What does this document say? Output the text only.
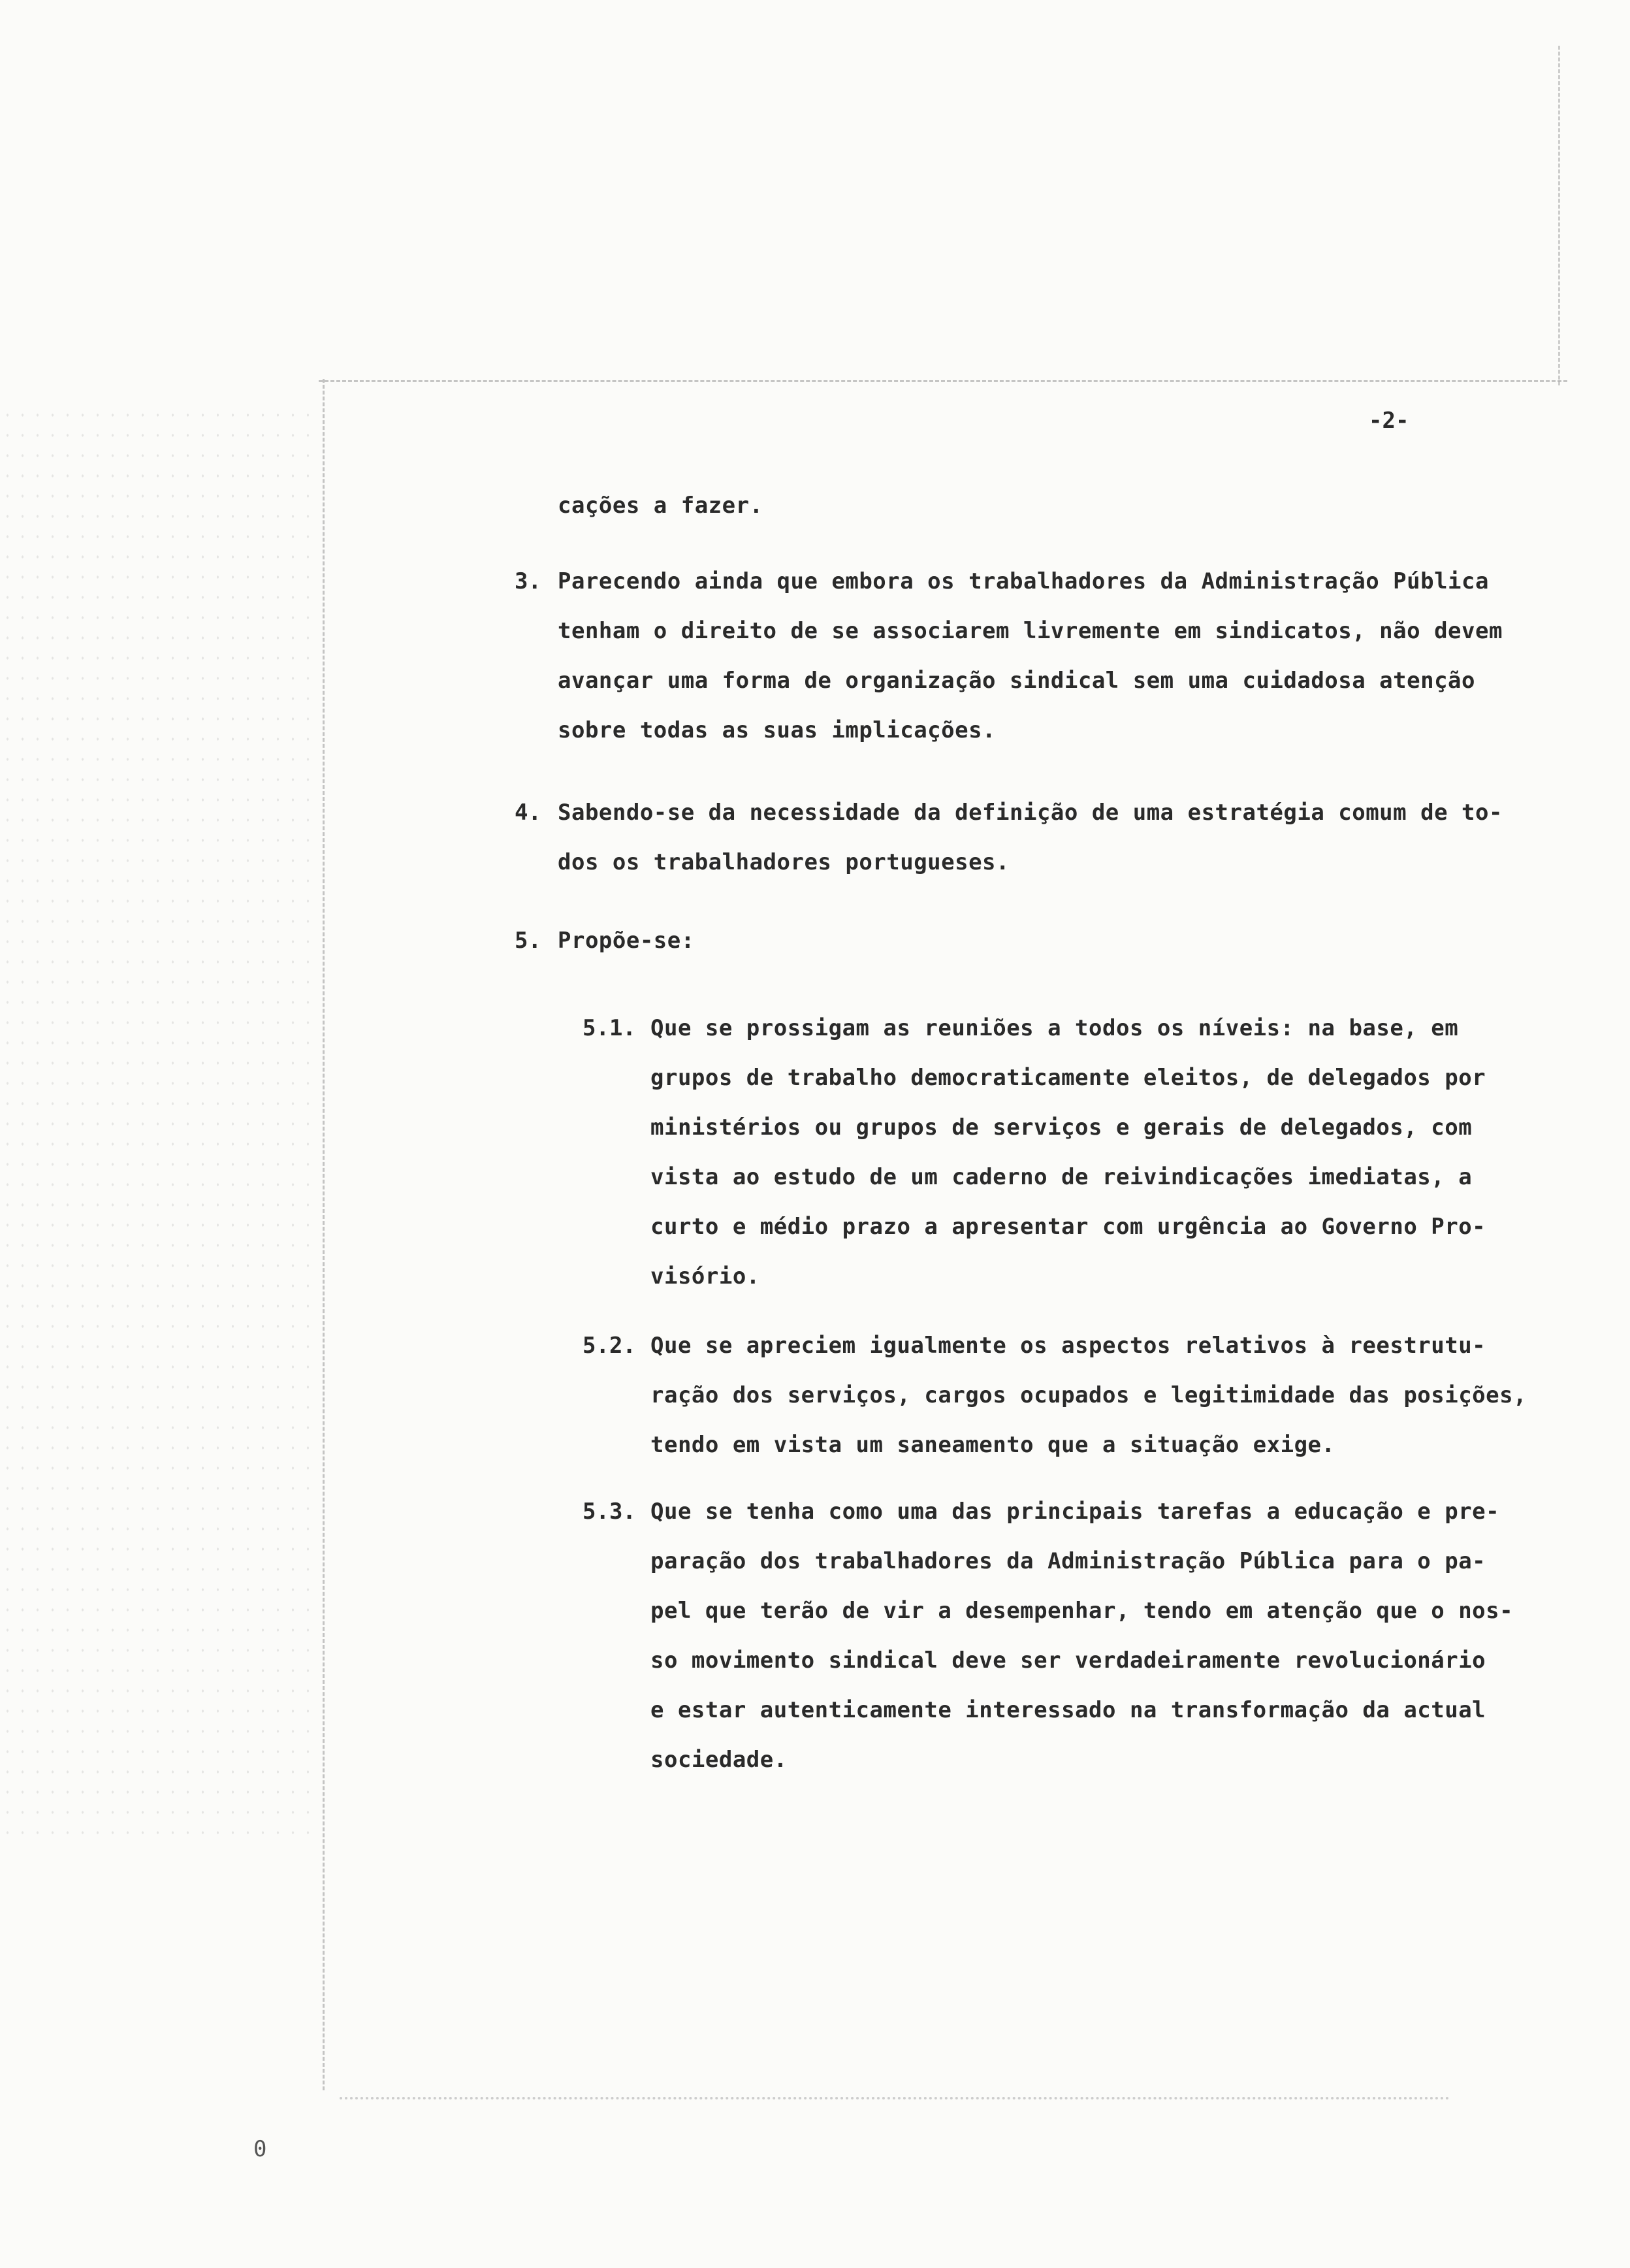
-2-
cações a fazer.
3. Parecendo ainda que embora os trabalhadores da Administração Pública
tenham o direito de se associarem livremente em sindicatos, não devem
avançar uma forma de organização sindical sem uma cuidadosa atenção
sobre todas as suas implicações.
4. Sabendo-se da necessidade da definição de uma estratégia comum de to-
dos os trabalhadores portugueses.
5. Propõe-se:
5.1. Que se prossigam as reuniões a todos os níveis: na base, em
grupos de trabalho democraticamente eleitos, de delegados por
ministérios ou grupos de serviços e gerais de delegados, com
vista ao estudo de um caderno de reivindicações imediatas, a
curto e médio prazo a apresentar com urgência ao Governo Pro-
visório.
5.2. Que se apreciem igualmente os aspectos relativos à reestrutu-
ração dos serviços, cargos ocupados e legitimidade das posições,
tendo em vista um saneamento que a situação exige.
5.3. Que se tenha como uma das principais tarefas a educação e pre-
paração dos trabalhadores da Administração Pública para o pa-
pel que terão de vir a desempenhar, tendo em atenção que o nos-
so movimento sindical deve ser verdadeiramente revolucionário
e estar autenticamente interessado na transformação da actual
sociedade.
0
